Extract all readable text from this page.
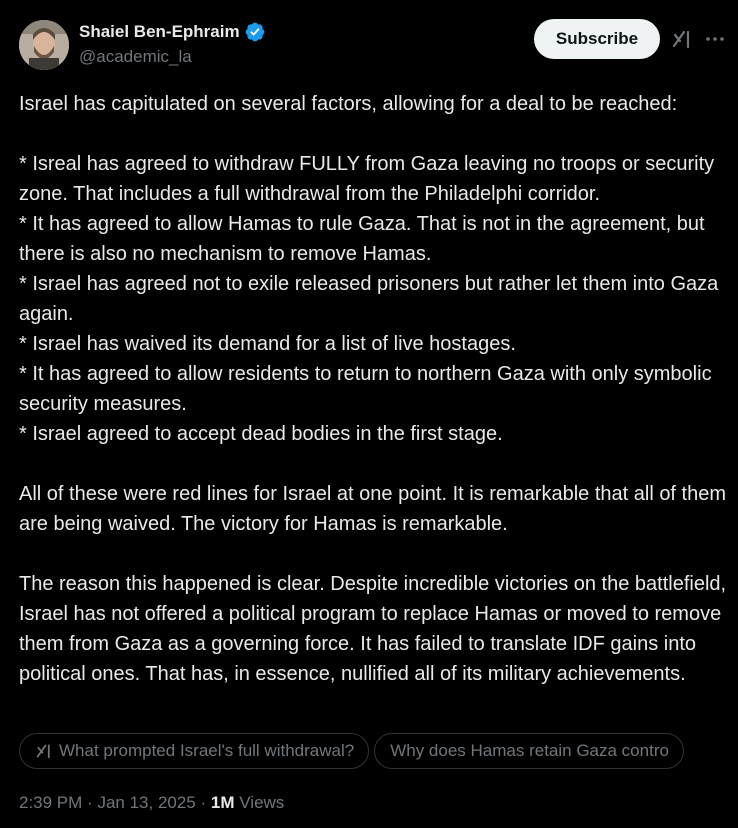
Shaiel Ben-Ephraim
@academic_la
Subscribe

Israel has capitulated on several factors, allowing for a deal to be reached:

* Isreal has agreed to withdraw FULLY from Gaza leaving no troops or security zone. That includes a full withdrawal from the Philadelphi corridor.
* It has agreed to allow Hamas to rule Gaza. That is not in the agreement, but there is also no mechanism to remove Hamas.
* Israel has agreed not to exile released prisoners but rather let them into Gaza again.
* Israel has waived its demand for a list of live hostages.
* It has agreed to allow residents to return to northern Gaza with only symbolic security measures.
* Israel agreed to accept dead bodies in the first stage.

All of these were red lines for Israel at one point. It is remarkable that all of them are being waived. The victory for Hamas is remarkable.

The reason this happened is clear. Despite incredible victories on the battlefield, Israel has not offered a political program to replace Hamas or moved to remove them from Gaza as a governing force. It has failed to translate IDF gains into political ones. That has, in essence, nullified all of its military achievements.

What prompted Israel's full withdrawal? Why does Hamas retain Gaza contro
2:39 PM · Jan 13, 2025 · 1M Views
